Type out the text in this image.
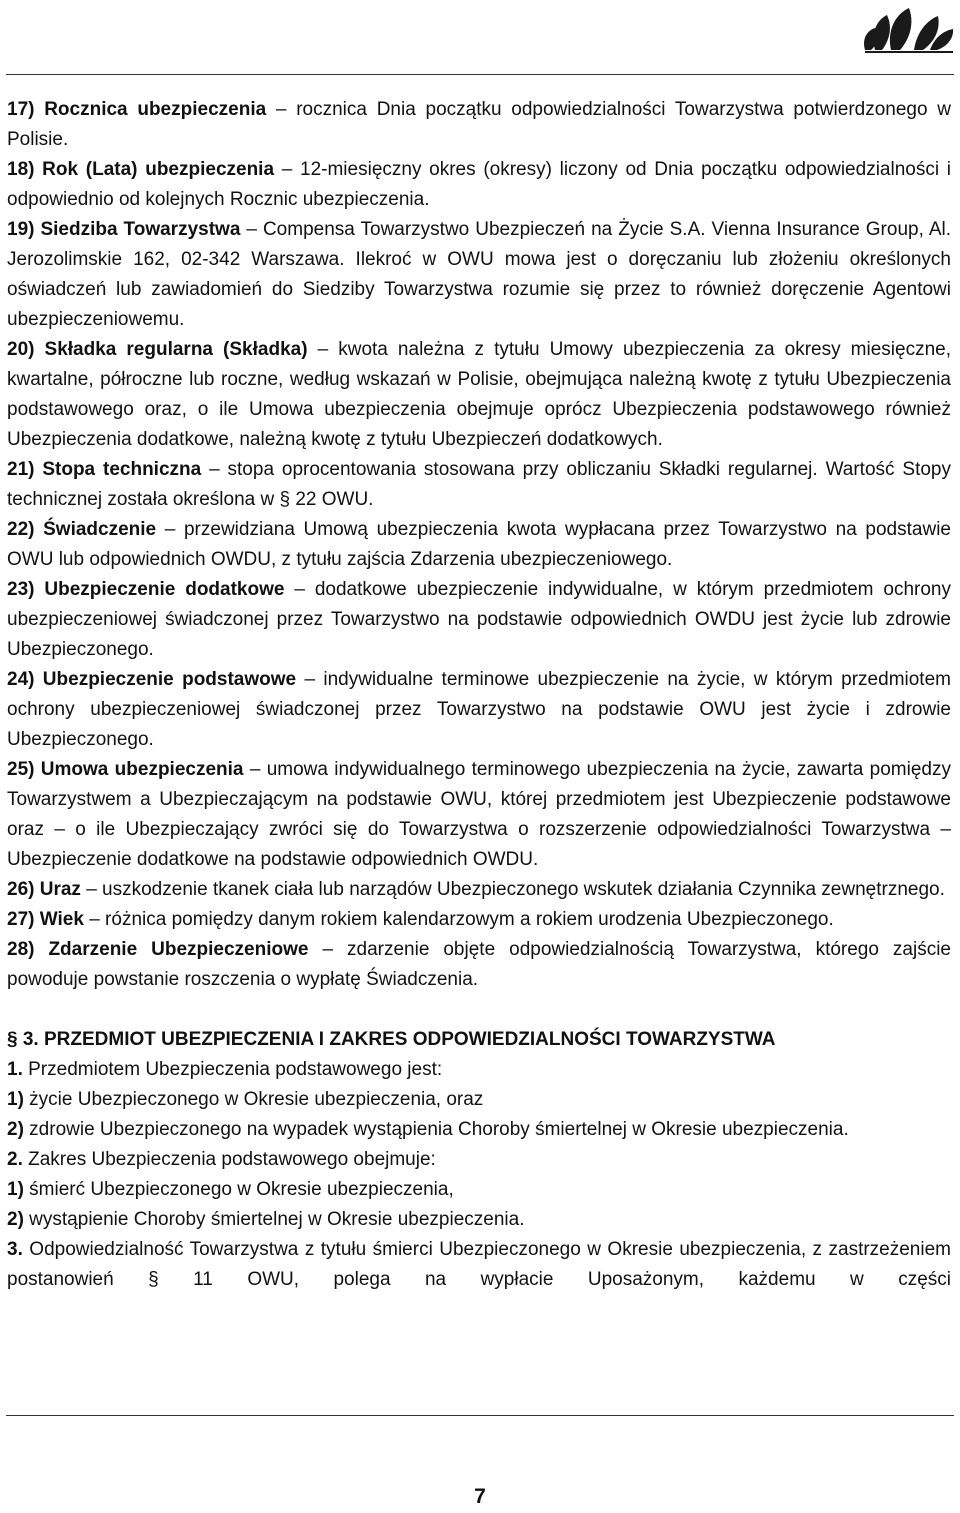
17) Rocznica ubezpieczenia – rocznica Dnia początku odpowiedzialności Towarzystwa potwierdzonego w Polisie.

18) Rok (Lata) ubezpieczenia – 12-miesięczny okres (okresy) liczony od Dnia początku odpowiedzialności i odpowiednio od kolejnych Rocznic ubezpieczenia.

19) Siedziba Towarzystwa – Compensa Towarzystwo Ubezpieczeń na Życie S.A. Vienna Insurance Group, Al. Jerozolimskie 162, 02-342 Warszawa. Ilekroć w OWU mowa jest o doręczaniu lub złożeniu określonych oświadczeń lub zawiadomień do Siedziby Towarzystwa rozumie się przez to również doręczenie Agentowi ubezpieczeniowemu.

20) Składka regularna (Składka) – kwota należna z tytułu Umowy ubezpieczenia za okresy miesięczne, kwartalne, półroczne lub roczne, według wskazań w Polisie, obejmująca należną kwotę z tytułu Ubezpieczenia podstawowego oraz, o ile Umowa ubezpieczenia obejmuje oprócz Ubezpieczenia podstawowego również Ubezpieczenia dodatkowe, należną kwotę z tytułu Ubezpieczeń dodatkowych.

21) Stopa techniczna – stopa oprocentowania stosowana przy obliczaniu Składki regularnej. Wartość Stopy technicznej została określona w § 22 OWU.

22) Świadczenie – przewidziana Umową ubezpieczenia kwota wypłacana przez Towarzystwo na podstawie OWU lub odpowiednich OWDU, z tytułu zajścia Zdarzenia ubezpieczeniowego.

23) Ubezpieczenie dodatkowe – dodatkowe ubezpieczenie indywidualne, w którym przedmiotem ochrony ubezpieczeniowej świadczonej przez Towarzystwo na podstawie odpowiednich OWDU jest życie lub zdrowie Ubezpieczonego.

24) Ubezpieczenie podstawowe – indywidualne terminowe ubezpieczenie na życie, w którym przedmiotem ochrony ubezpieczeniowej świadczonej przez Towarzystwo na podstawie OWU jest życie i zdrowie Ubezpieczonego.

25) Umowa ubezpieczenia – umowa indywidualnego terminowego ubezpieczenia na życie, zawarta pomiędzy Towarzystwem a Ubezpieczającym na podstawie OWU, której przedmiotem jest Ubezpieczenie podstawowe oraz – o ile Ubezpieczający zwróci się do Towarzystwa o rozszerzenie odpowiedzialności Towarzystwa – Ubezpieczenie dodatkowe na podstawie odpowiednich OWDU.

26) Uraz – uszkodzenie tkanek ciała lub narządów Ubezpieczonego wskutek działania Czynnika zewnętrznego.

27) Wiek – różnica pomiędzy danym rokiem kalendarzowym a rokiem urodzenia Ubezpieczonego.

28) Zdarzenie Ubezpieczeniowe – zdarzenie objęte odpowiedzialnością Towarzystwa, którego zajście powoduje powstanie roszczenia o wypłatę Świadczenia.

§ 3. PRZEDMIOT UBEZPIECZENIA I ZAKRES ODPOWIEDZIALNOŚCI TOWARZYSTWA

1. Przedmiotem Ubezpieczenia podstawowego jest:

1) życie Ubezpieczonego w Okresie ubezpieczenia, oraz

2) zdrowie Ubezpieczonego na wypadek wystąpienia Choroby śmiertelnej w Okresie ubezpieczenia.

2. Zakres Ubezpieczenia podstawowego obejmuje:

1) śmierć Ubezpieczonego w Okresie ubezpieczenia,

2) wystąpienie Choroby śmiertelnej w Okresie ubezpieczenia.

3. Odpowiedzialność Towarzystwa z tytułu śmierci Ubezpieczonego w Okresie ubezpieczenia, z zastrzeżeniem postanowień § 11 OWU, polega na wypłacie Uposażonym, każdemu w części

7
